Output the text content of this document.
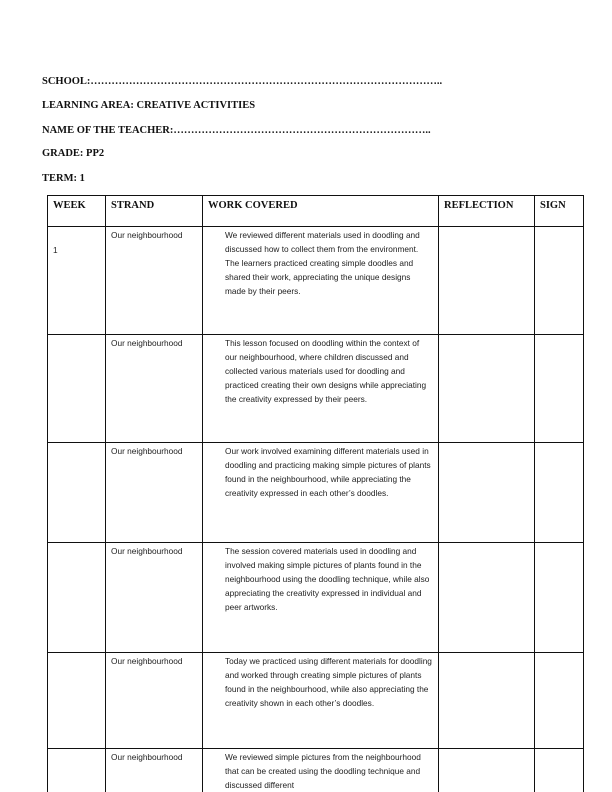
SCHOOL:………………………………………………………………………………………..
LEARNING AREA: CREATIVE ACTIVITIES
NAME OF THE TEACHER:………………………………………………………………..
GRADE: PP2
TERM: 1
WEEK	STRAND	WORK COVERED	REFLECTION	SIGN
1	Our neighbourhood	We reviewed different materials used in doodling and discussed how to collect them from the environment. The learners practiced creating simple doodles and shared their work, appreciating the unique designs made by their peers.		
	Our neighbourhood	This lesson focused on doodling within the context of our neighbourhood, where children discussed and collected various materials used for doodling and practiced creating their own designs while appreciating the creativity expressed by their peers.		
	Our neighbourhood	Our work involved examining different materials used in doodling and practicing making simple pictures of plants found in the neighbourhood, while appreciating the creativity expressed in each other’s doodles.		
	Our neighbourhood	The session covered materials used in doodling and involved making simple pictures of plants found in the neighbourhood using the doodling technique, while also appreciating the creativity expressed in individual and peer artworks.		
	Our neighbourhood	Today we practiced using different materials for doodling and worked through creating simple pictures of plants found in the neighbourhood, while also appreciating the creativity shown in each other’s doodles.		
	Our neighbourhood	We reviewed simple pictures from the neighbourhood that can be created using the doodling technique and discussed different		
